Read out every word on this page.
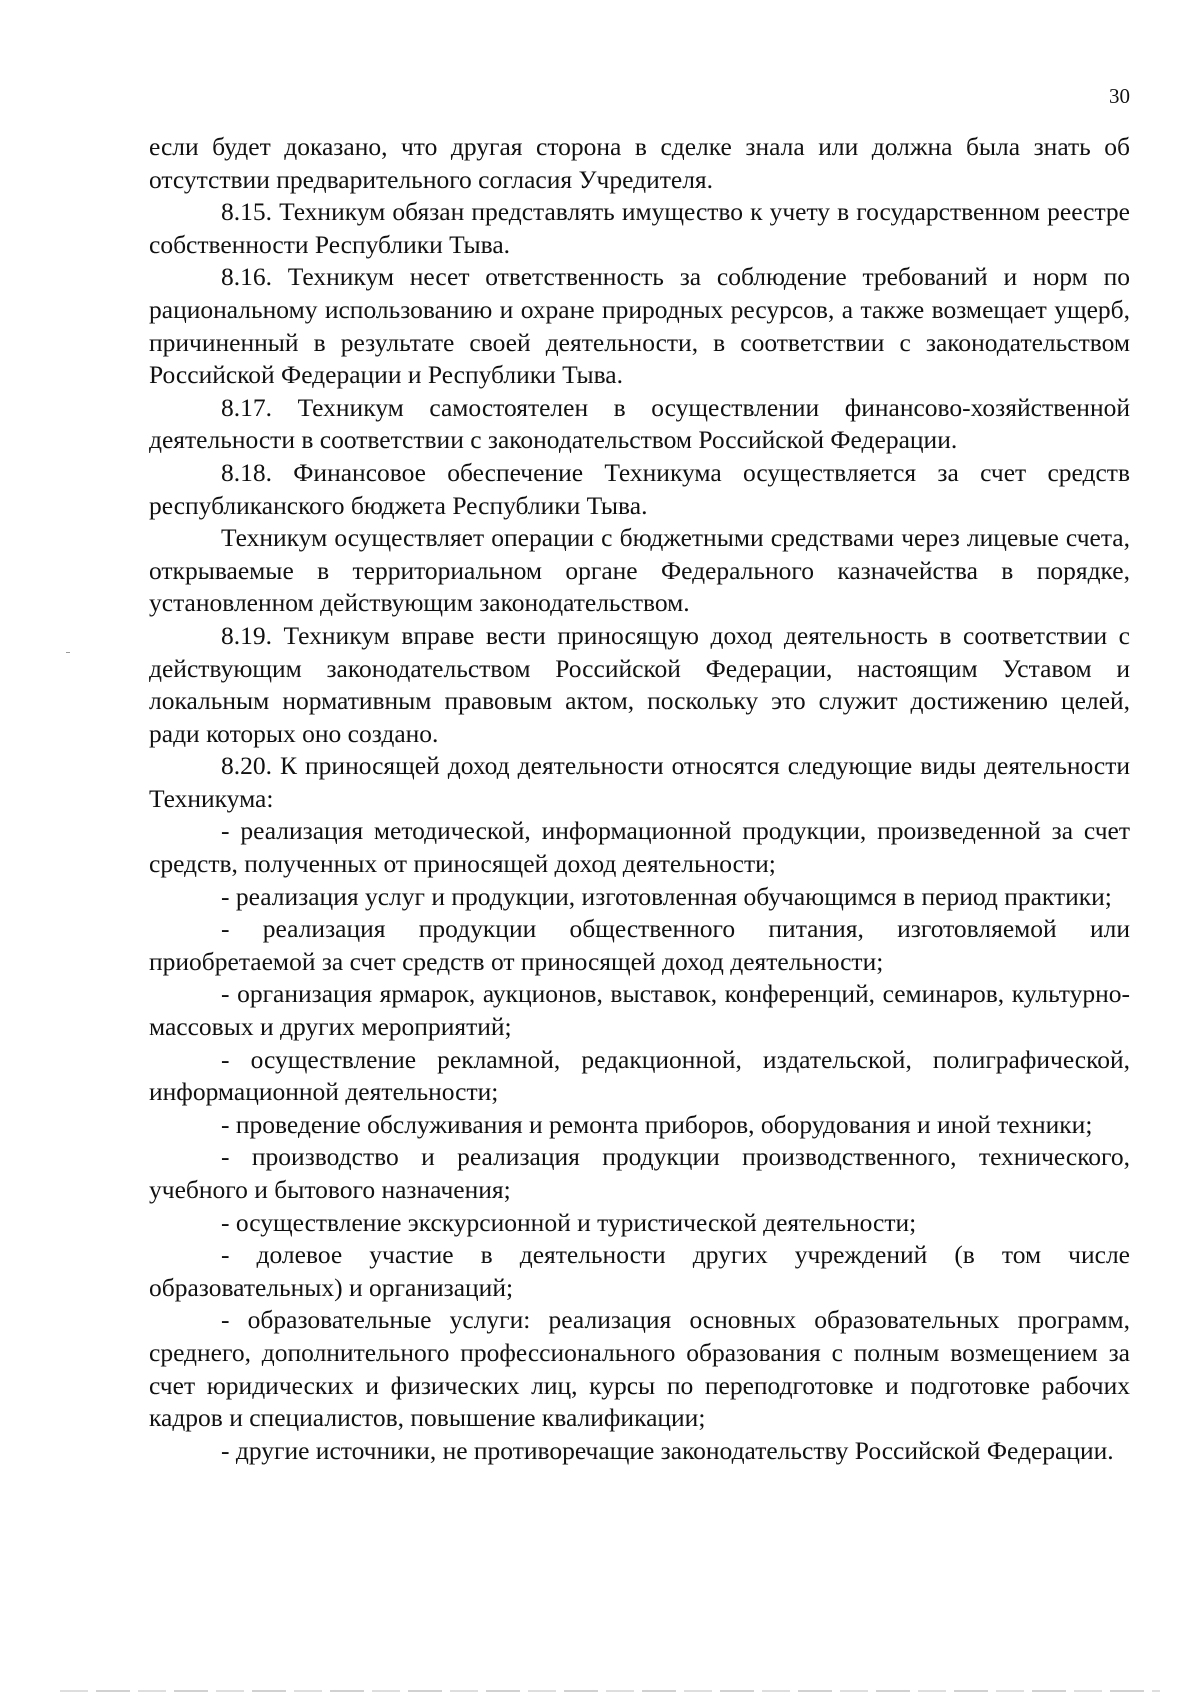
30

если будет доказано, что другая сторона в сделке знала или должна была знать об отсутствии предварительного согласия Учредителя.

8.15. Техникум обязан представлять имущество к учету в государственном реестре собственности Республики Тыва.

8.16. Техникум несет ответственность за соблюдение требований и норм по рациональному использованию и охране природных ресурсов, а также возмещает ущерб, причиненный в результате своей деятельности, в соответствии с законодательством Российской Федерации и Республики Тыва.

8.17. Техникум самостоятелен в осуществлении финансово-хозяйственной деятельности в соответствии с законодательством Российской Федерации.

8.18. Финансовое обеспечение Техникума осуществляется за счет средств республиканского бюджета Республики Тыва.

Техникум осуществляет операции с бюджетными средствами через лицевые счета, открываемые в территориальном органе Федерального казначейства в порядке, установленном действующим законодательством.

8.19. Техникум вправе вести приносящую доход деятельность в соответствии с действующим законодательством Российской Федерации, настоящим Уставом и локальным нормативным правовым актом, поскольку это служит достижению целей, ради которых оно создано.

8.20. К приносящей доход деятельности относятся следующие виды деятельности Техникума:

- реализация методической, информационной продукции, произведенной за счет средств, полученных от приносящей доход деятельности;

- реализация услуг и продукции, изготовленная обучающимся в период практики;

- реализация продукции общественного питания, изготовляемой или приобретаемой за счет средств от приносящей доход деятельности;

- организация ярмарок, аукционов, выставок, конференций, семинаров, культурно-массовых и других мероприятий;

- осуществление рекламной, редакционной, издательской, полиграфической, информационной деятельности;

- проведение обслуживания и ремонта приборов, оборудования и иной техники;

- производство и реализация продукции производственного, технического, учебного и бытового назначения;

- осуществление экскурсионной и туристической деятельности;

- долевое участие в деятельности других учреждений (в том числе образовательных) и организаций;

- образовательные услуги: реализация основных образовательных программ, среднего, дополнительного профессионального образования с полным возмещением за счет юридических и физических лиц, курсы по переподготовке и подготовке рабочих кадров и специалистов, повышение квалификации;

- другие источники, не противоречащие законодательству Российской Федерации.
